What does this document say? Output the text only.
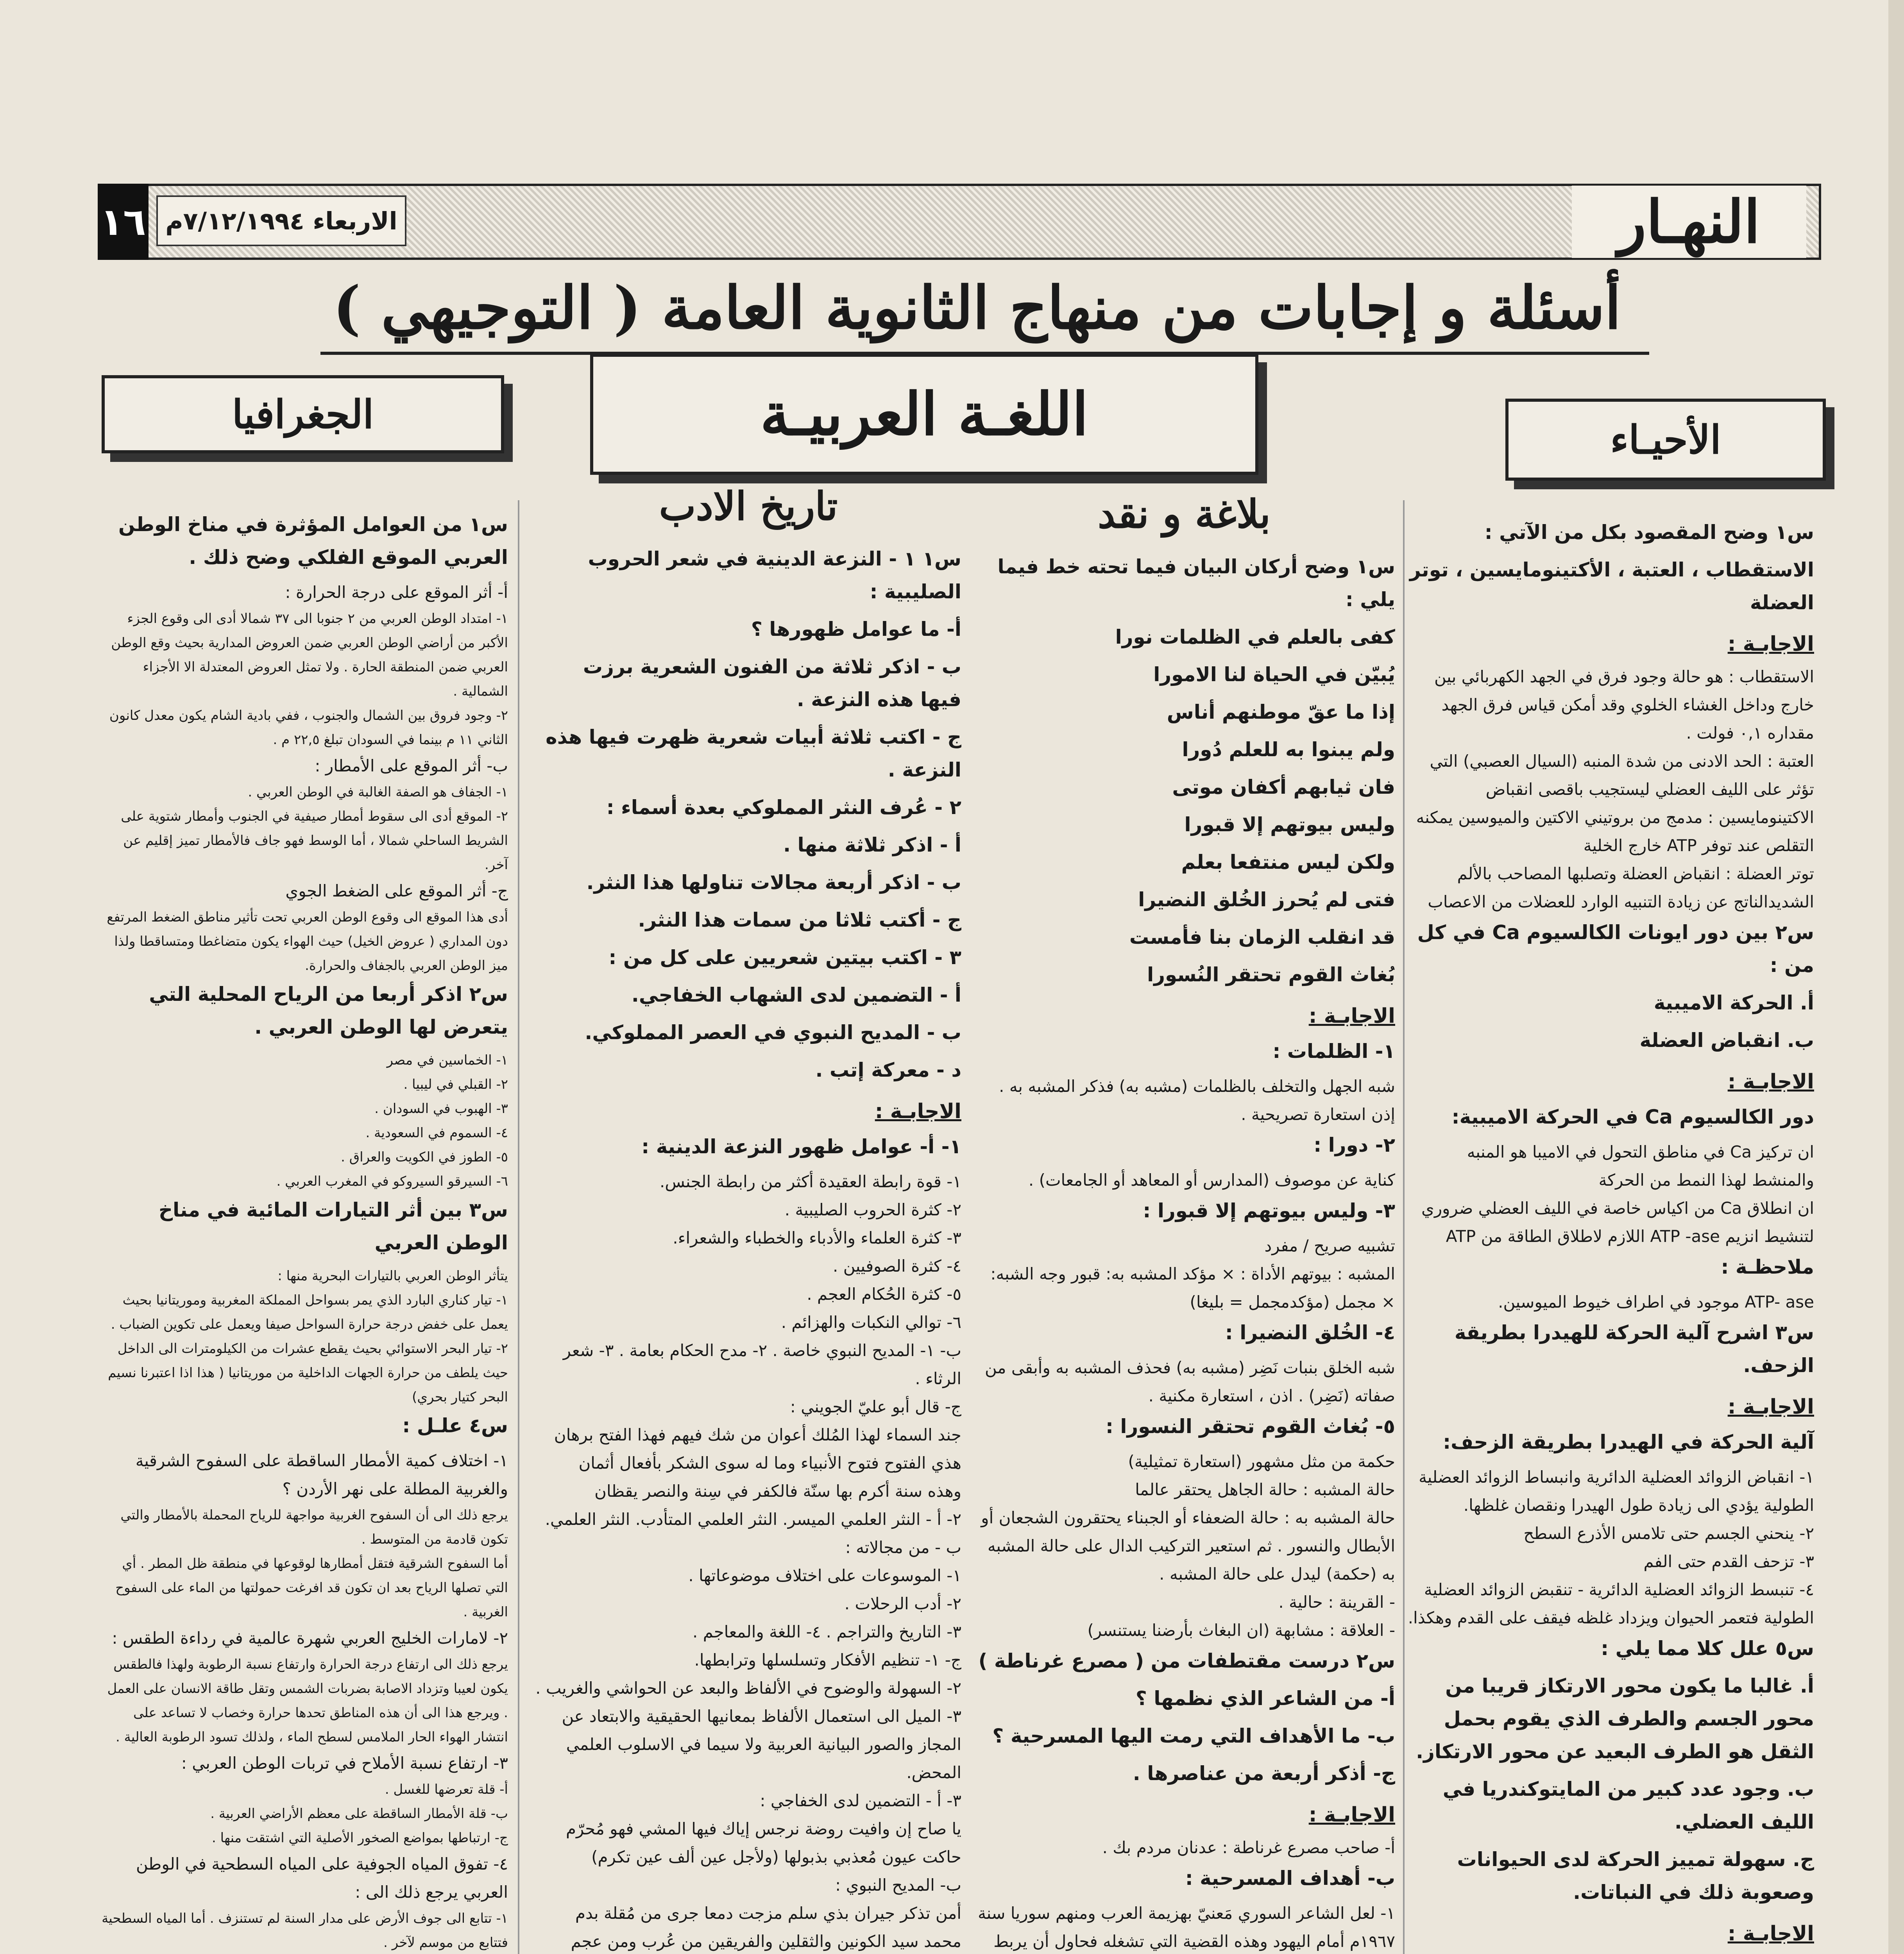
١٦ الاربعاء ٧/١٢/١٩٩٤م	النهـار
أسئلة و إجابات من منهاج الثانوية العامة ( التوجيهي )
الأحيـاء
اللغـة العربيـة
الجغرافيا
س١ وضح المقصود بكل من الآتي :
الاستقطاب ، العتبة ، الأكتينومايسين ، توتر العضلة
الاجابـة :
الاستقطاب : هو حالة وجود فرق في الجهد الكهربائي بين خارج وداخل الغشاء الخلوي وقد أمكن قياس فرق الجهد مقداره ٠,١ فولت .
العتبة : الحد الادنى من شدة المنبه (السيال العصبي) التي تؤثر على الليف العضلي ليستجيب باقصى انقباض
الاكتينومايسين : مدمج من بروتيني الاكتين والميوسين يمكنه التقلص عند توفر ATP خارج الخلية
توتر العضلة : انقباض العضلة وتصلبها المصاحب بالألم الشديدالناتج عن زيادة التنبيه الوارد للعضلات من الاعصاب
س٢ بين دور ايونات الكالسيوم Ca في كل من :
أ. الحركة الاميبية
ب. انقباض العضلة
الاجابـة :
دور الكالسيوم Ca في الحركة الاميبية:
ان تركيز Ca في مناطق التحول في الاميبا هو المنبه والمنشط لهذا النمط من الحركة
ان انطلاق Ca من اكياس خاصة في الليف العضلي ضروري لتنشيط انزيم ATP -ase اللازم لاطلاق الطاقة من ATP
ملاحظـة :
ATP- ase موجود في اطراف خيوط الميوسين.
س٣ اشرح آلية الحركة للهيدرا بطريقة الزحف.
الاجابـة :
آلية الحركة في الهيدرا بطريقة الزحف:
١- انقباض الزوائد العضلية الدائرية وانبساط الزوائد العضلية الطولية يؤدي الى زيادة طول الهيدرا ونقصان غلظها.
٢- ينحني الجسم حتى تلامس الأذرع السطح
٣- تزحف القدم حتى الفم
٤- تنبسط الزوائد العضلية الدائرية - تنقبض الزوائد العضلية الطولية فتعمر الحيوان ويزداد غلظه فيقف على القدم وهكذا.
س٥ علل كلا مما يلي :
أ. غالبا ما يكون محور الارتكاز قريبا من محور الجسم والطرف الذي يقوم بحمل الثقل هو الطرف البعيد عن محور الارتكاز.
ب. وجود عدد كبير من المايتوكندريا في الليف العضلي.
ج. سهولة تمييز الحركة لدى الحيوانات وصعوبة ذلك في النباتات.
الاجابـة :
بلاغة و نقد
س١ وضح أركان البيان فيما تحته خط فيما يلي :
كفى بالعلم في الظلمات نورا
يُبيّن في الحياة لنا الامورا
إذا ما عقّ موطنهم أناس
ولم يبنوا به للعلم دُورا
فان ثيابهم أكفان موتى
وليس بيوتهم إلا قبورا
ولكن ليس منتفعا بعلم
فتى لم يُحرز الخُلق النضيرا
قد انقلب الزمان بنا فأمست
بُغاث القوم تحتقر النُسورا
الاجابـة :
١- الظلمات :
شبه الجهل والتخلف بالظلمات (مشبه به) فذكر المشبه به .
إذن استعارة تصريحية .
٢- دورا :
كناية عن موصوف (المدارس أو المعاهد أو الجامعات) .
٣- وليس بيوتهم إلا قبورا :
تشبيه صريح / مفرد
المشبه : بيوتهم الأداة : × مؤكد المشبه به: قبور وجه الشبه: × مجمل (مؤكدمجمل = بليغا)
٤- الخُلق النضيرا :
شبه الخلق بنبات نَضِر (مشبه به) فحذف المشبه به وأبقى من صفاته (نَضِر) . اذن ، استعارة مكنية .
٥- بُغاث القوم تحتقر النسورا :
حكمة من مثل مشهور (استعارة تمثيلية)
حالة المشبه : حالة الجاهل يحتقر عالما
حالة المشبه به : حالة الضعفاء أو الجبناء يحتقرون الشجعان أو الأبطال والنسور . ثم استعير التركيب الدال على حالة المشبه به (حكمة) ليدل على حالة المشبه .
- القرينة : حالية .
- العلاقة : مشابهة (ان البغاث بأرضنا يستنسر)
س٢ درست مقتطفات من ( مصرع غرناطة )
أ- من الشاعر الذي نظمها ؟
ب- ما الأهداف التي رمت اليها المسرحية ؟
ج- أذكر أربعة من عناصرها .
الاجابـة :
أ- صاحب مصرع غرناطة : عدنان مردم بك .
ب- أهداف المسرحية :
١- لعل الشاعر السوري مَعنيّ بهزيمة العرب ومنهم سوريا سنة ١٩٦٧م أمام اليهود وهذه القضية التي تشغله فحاول أن يربط
تاريخ الادب
س١ ١ - النزعة الدينية في شعر الحروب الصليبية :
أ- ما عوامل ظهورها ؟
ب - اذكر ثلاثة من الفنون الشعرية برزت فيها هذه النزعة .
ج - اكتب ثلاثة أبيات شعرية ظهرت فيها هذه النزعة .
٢ - عُرف النثر المملوكي بعدة أسماء :
أ - اذكر ثلاثة منها .
ب - اذكر أربعة مجالات تناولها هذا النثر.
ج - أكتب ثلاثا من سمات هذا النثر.
٣ - اكتب بيتين شعريين على كل من :
أ - التضمين لدى الشهاب الخفاجي.
ب - المديح النبوي في العصر المملوكي.
د - معركة إتب .
الاجابـة :
١- أ- عوامل ظهور النزعة الدينية :
١- قوة رابطة العقيدة أكثر من رابطة الجنس.
٢- كثرة الحروب الصليبية .
٣- كثرة العلماء والأدباء والخطباء والشعراء.
٤- كثرة الصوفيين .
٥- كثرة الحُكام العجم .
٦- توالي النكبات والهزائم .
ب- ١- المديح النبوي خاصة . ٢- مدح الحكام بعامة . ٣- شعر الرثاء .
ج- قال أبو عليّ الجويني :
جند السماء لهذا المُلك أعوان من شك فيهم فهذا الفتح برهان
هذي الفتوح فتوح الأنبياء وما له سوى الشكر بأفعال أثمان
وهذه سنة أكرم بها سنّة فالكفر في سِنة والنصر يقظان
٢- أ - النثر العلمي الميسر. النثر العلمي المتأدب. النثر العلمي.
ب - من مجالاته :
١- الموسوعات على اختلاف موضوعاتها .
٢- أدب الرحلات .
٣- التاريخ والتراجم . ٤- اللغة والمعاجم .
ج- ١- تنظيم الأفكار وتسلسلها وترابطها.
٢- السهولة والوضوح في الألفاظ والبعد عن الحواشي والغريب .
٣- الميل الى استعمال الألفاظ بمعانيها الحقيقية والابتعاد عن المجاز والصور البيانية العربية ولا سيما في الاسلوب العلمي المحض.
٣- أ - التضمين لدى الخفاجي :
يا صاح إن وافيت روضة نرجس إياك فيها المشي فهو مُحرّم
حاكت عيون مُعذبي بذبولها (ولأجل عين ألف عين تكرم)
ب- المديح النبوي :
أمن تذكر جيران بذي سلم مزجت دمعا جرى من مُقلة بدم
محمد سيد الكونين والثقلين والفريقين من عُرب ومن عجم
س١ من العوامل المؤثرة في مناخ الوطن العربي الموقع الفلكي وضح ذلك .
أ- أثر الموقع على درجة الحرارة :
١- امتداد الوطن العربي من ٢ جنوبا الى ٣٧ شمالا أدى الى وقوع الجزء الأكبر من أراضي الوطن العربي ضمن العروض المدارية بحيث وقع الوطن العربي ضمن المنطقة الحارة . ولا تمثل العروض المعتدلة الا الأجزاء الشمالية .
٢- وجود فروق بين الشمال والجنوب ، ففي بادية الشام يكون معدل كانون الثاني ١١ م بينما في السودان تبلغ ٢٢,٥ م .
ب- أثر الموقع على الأمطار :
١- الجفاف هو الصفة الغالبة في الوطن العربي .
٢- الموقع أدى الى سقوط أمطار صيفية في الجنوب وأمطار شتوية على الشريط الساحلي شمالا ، أما الوسط فهو جاف فالأمطار تميز إقليم عن آخر.
ج- أثر الموقع على الضغط الجوي
أدى هذا الموقع الى وقوع الوطن العربي تحت تأثير مناطق الضغط المرتفع دون المداري ( عروض الخيل) حيث الهواء يكون متضاغطا ومتساقطا ولذا ميز الوطن العربي بالجفاف والحرارة.
س٢ اذكر أربعا من الرياح المحلية التي يتعرض لها الوطن العربي .
١- الخماسين في مصر
٢- القبلي في ليبيا .
٣- الهبوب في السودان .
٤- السموم في السعودية .
٥- الطوز في الكويت والعراق .
٦- السيرقو السيروكو في المغرب العربي .
س٣ بين أثر التيارات المائية في مناخ الوطن العربي
يتأثر الوطن العربي بالتيارات البحرية منها :
١- تيار كناري البارد الذي يمر بسواحل المملكة المغربية وموريتانيا بحيث يعمل على خفض درجة حرارة السواحل صيفا ويعمل على تكوين الضباب .
٢- تيار البحر الاستوائي بحيث يقطع عشرات من الكيلومترات الى الداخل حيث يلطف من حرارة الجهات الداخلية من موريتانيا ( هذا اذا اعتبرنا نسيم البحر كتيار بحري)
س٤ علـل :
١- اختلاف كمية الأمطار الساقطة على السفوح الشرقية والغربية المطلة على نهر الأردن ؟
يرجع ذلك الى أن السفوح الغربية مواجهة للرياح المحملة بالأمطار والتي تكون قادمة من المتوسط .
أما السفوح الشرقية فتقل أمطارها لوقوعها في منطقة ظل المطر . أي التي تصلها الرياح بعد ان تكون قد افرغت حمولتها من الماء على السفوح الغربية .
٢- لامارات الخليج العربي شهرة عالمية في رداءة الطقس :
يرجع ذلك الى ارتفاع درجة الحرارة وارتفاع نسبة الرطوبة ولهذا فالطقس يكون لعيبا وتزداد الاصابة بضربات الشمس وتقل طاقة الانسان على العمل . ويرجع هذا الى أن هذه المناطق تحدها حرارة وخصاب لا تساعد على انتشار الهواء الحار الملامس لسطح الماء ، ولذلك تسود الرطوبة العالية .
٣- ارتفاع نسبة الأملاح في تربات الوطن العربي :
أ- قلة تعرضها للغسل .
ب- قلة الأمطار الساقطة على معظم الأراضي العربية .
ج- ارتباطها بمواضع الصخور الأصلية التي اشتقت منها .
٤- تفوق المياه الجوفية على المياه السطحية في الوطن العربي يرجع ذلك الى :
١- تتابع الى جوف الأرض على مدار السنة لم تستنزف . أما المياه السطحية فتتابع من موسم لآخر .
